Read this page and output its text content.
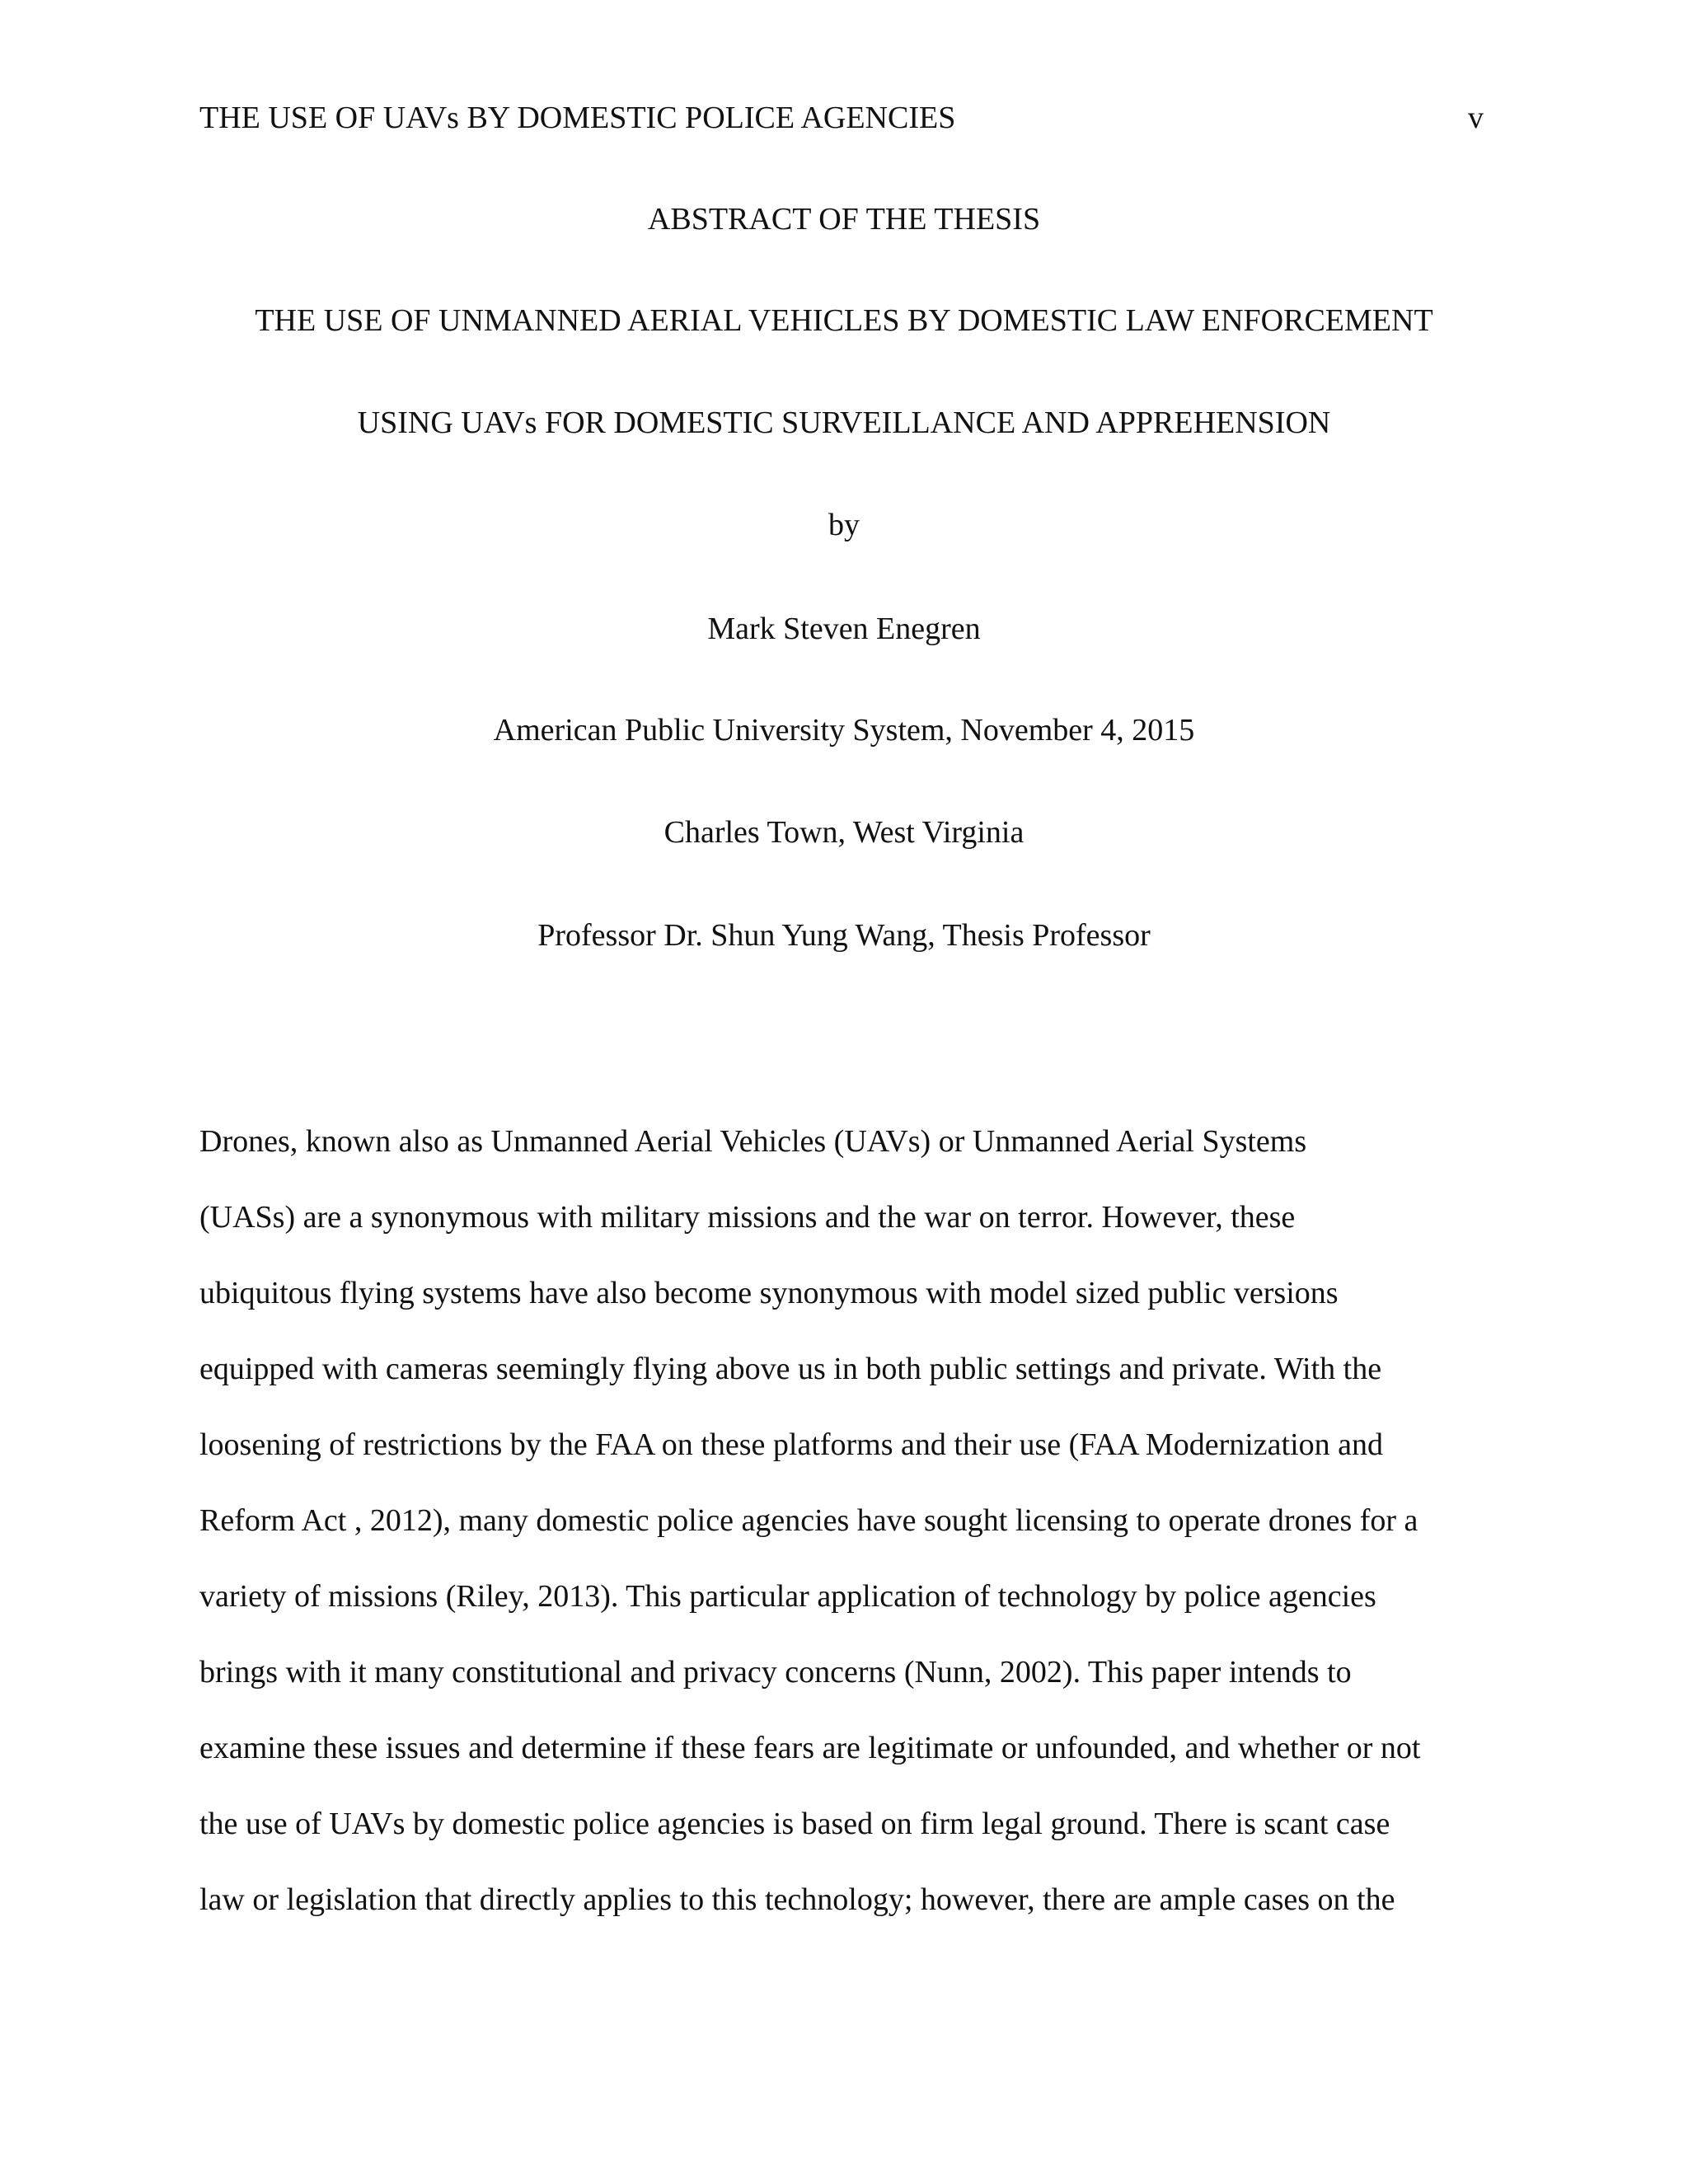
THE USE OF UAVs BY DOMESTIC POLICE AGENCIES	v
ABSTRACT OF THE THESIS
THE USE OF UNMANNED AERIAL VEHICLES BY DOMESTIC LAW ENFORCEMENT
USING UAVs FOR DOMESTIC SURVEILLANCE AND APPREHENSION
by
Mark Steven Enegren
American Public University System, November 4, 2015
Charles Town, West Virginia
Professor Dr. Shun Yung Wang, Thesis Professor
Drones, known also as Unmanned Aerial Vehicles (UAVs) or Unmanned Aerial Systems
(UASs) are a synonymous with military missions and the war on terror. However, these
ubiquitous flying systems have also become synonymous with model sized public versions
equipped with cameras seemingly flying above us in both public settings and private. With the
loosening of restrictions by the FAA on these platforms and their use (FAA Modernization and
Reform Act , 2012), many domestic police agencies have sought licensing to operate drones for a
variety of missions (Riley, 2013). This particular application of technology by police agencies
brings with it many constitutional and privacy concerns (Nunn, 2002). This paper intends to
examine these issues and determine if these fears are legitimate or unfounded, and whether or not
the use of UAVs by domestic police agencies is based on firm legal ground. There is scant case
law or legislation that directly applies to this technology; however, there are ample cases on the
